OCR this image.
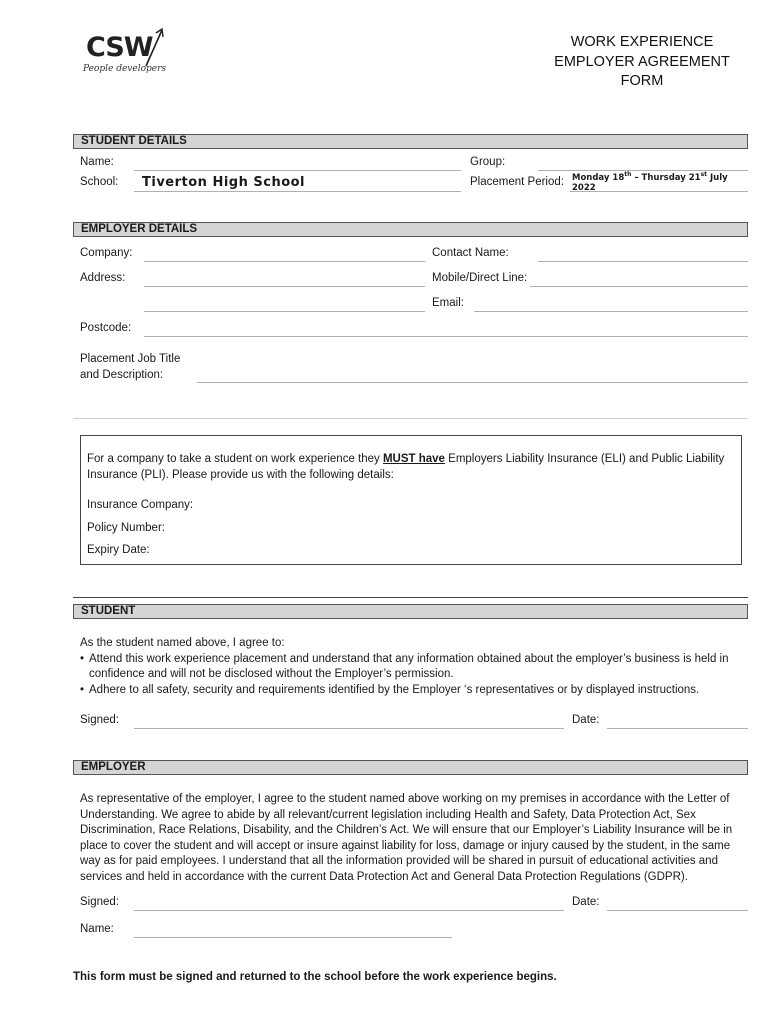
CSW
People developers
WORK EXPERIENCE
EMPLOYER AGREEMENT
FORM
STUDENT DETAILS
Name:	Group:
School: Tiverton High School	Placement Period: Monday 18th – Thursday 21st July
2022
EMPLOYER DETAILS
Company:	Contact Name:
Address:	Mobile/Direct Line:
Email:
Postcode:
Placement Job Title
and Description:
For a company to take a student on work experience they MUST have Employers Liability Insurance (ELI) and Public Liability
Insurance (PLI). Please provide us with the following details:
Insurance Company:
Policy Number:
Expiry Date:
STUDENT
As the student named above, I agree to:
• Attend this work experience placement and understand that any information obtained about the employer’s business is held in
confidence and will not be disclosed without the Employer’s permission.
• Adhere to all safety, security and requirements identified by the Employer ‘s representatives or by displayed instructions.
Signed:	Date:
EMPLOYER
As representative of the employer, I agree to the student named above working on my premises in accordance with the Letter of
Understanding. We agree to abide by all relevant/current legislation including Health and Safety, Data Protection Act, Sex
Discrimination, Race Relations, Disability, and the Children’s Act. We will ensure that our Employer’s Liability Insurance will be in
place to cover the student and will accept or insure against liability for loss, damage or injury caused by the student, in the same
way as for paid employees. I understand that all the information provided will be shared in pursuit of educational activities and
services and held in accordance with the current Data Protection Act and General Data Protection Regulations (GDPR).
Signed:	Date:
Name:
This form must be signed and returned to the school before the work experience begins.
